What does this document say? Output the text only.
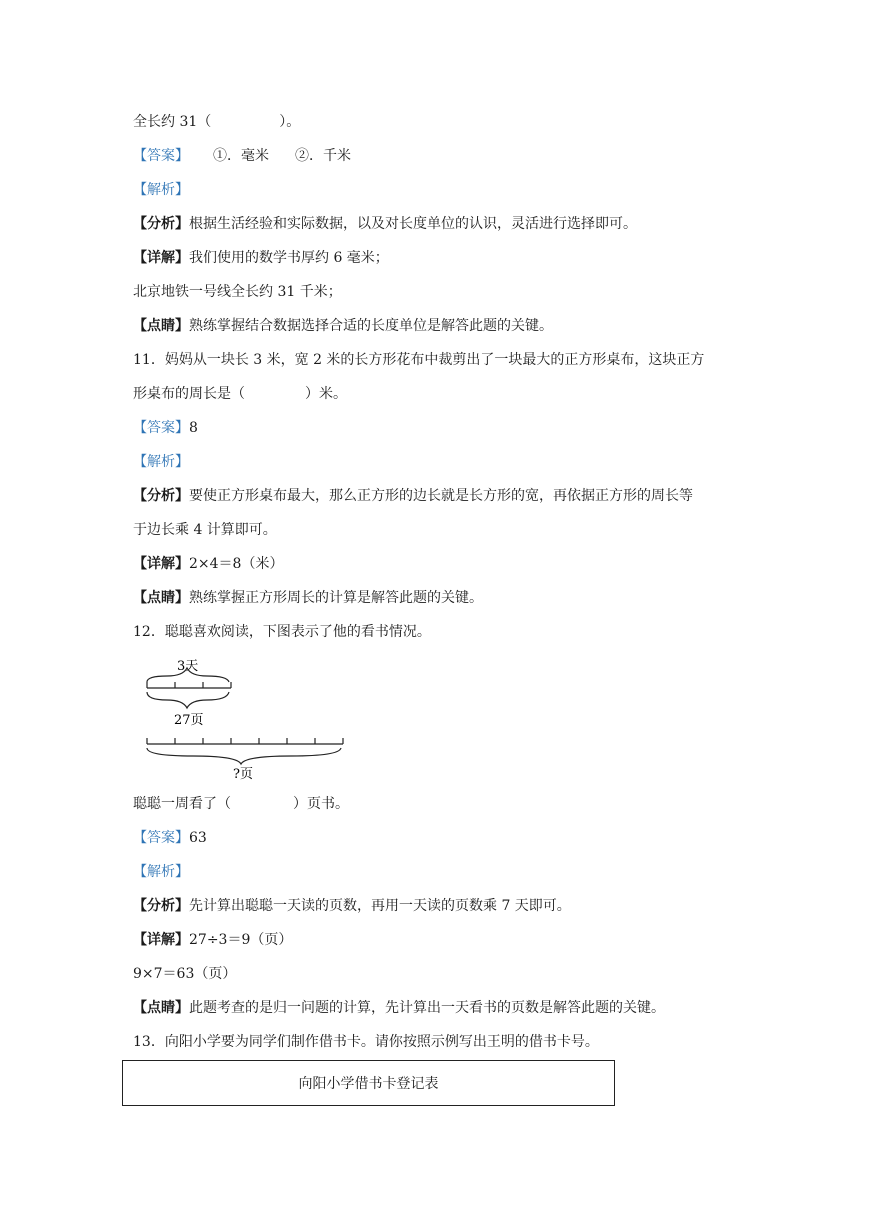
全长约 31（	）。
【答案】 ①．毫米 ②．千米
【解析】
【分析】根据生活经验和实际数据，以及对长度单位的认识，灵活进行选择即可。
【详解】我们使用的数学书厚约 6 毫米；
北京地铁一号线全长约 31 千米；
【点睛】熟练掌握结合数据选择合适的长度单位是解答此题的关键。
11．妈妈从一块长 3 米，宽 2 米的长方形花布中裁剪出了一块最大的正方形桌布，这块正方
形桌布的周长是（	）米。
【答案】8
【解析】
【分析】要使正方形桌布最大，那么正方形的边长就是长方形的宽，再依据正方形的周长等
于边长乘 4 计算即可。
【详解】2×4＝8（米）
【点睛】熟练掌握正方形周长的计算是解答此题的关键。
12．聪聪喜欢阅读，下图表示了他的看书情况。
3天
27页
?页
聪聪一周看了（	）页书。
【答案】63
【解析】
【分析】先计算出聪聪一天读的页数，再用一天读的页数乘 7 天即可。
【详解】27÷3＝9（页）
9×7＝63（页）
【点睛】此题考查的是归一问题的计算，先计算出一天看书的页数是解答此题的关键。
13．向阳小学要为同学们制作借书卡。请你按照示例写出王明的借书卡号。
向阳小学借书卡登记表
